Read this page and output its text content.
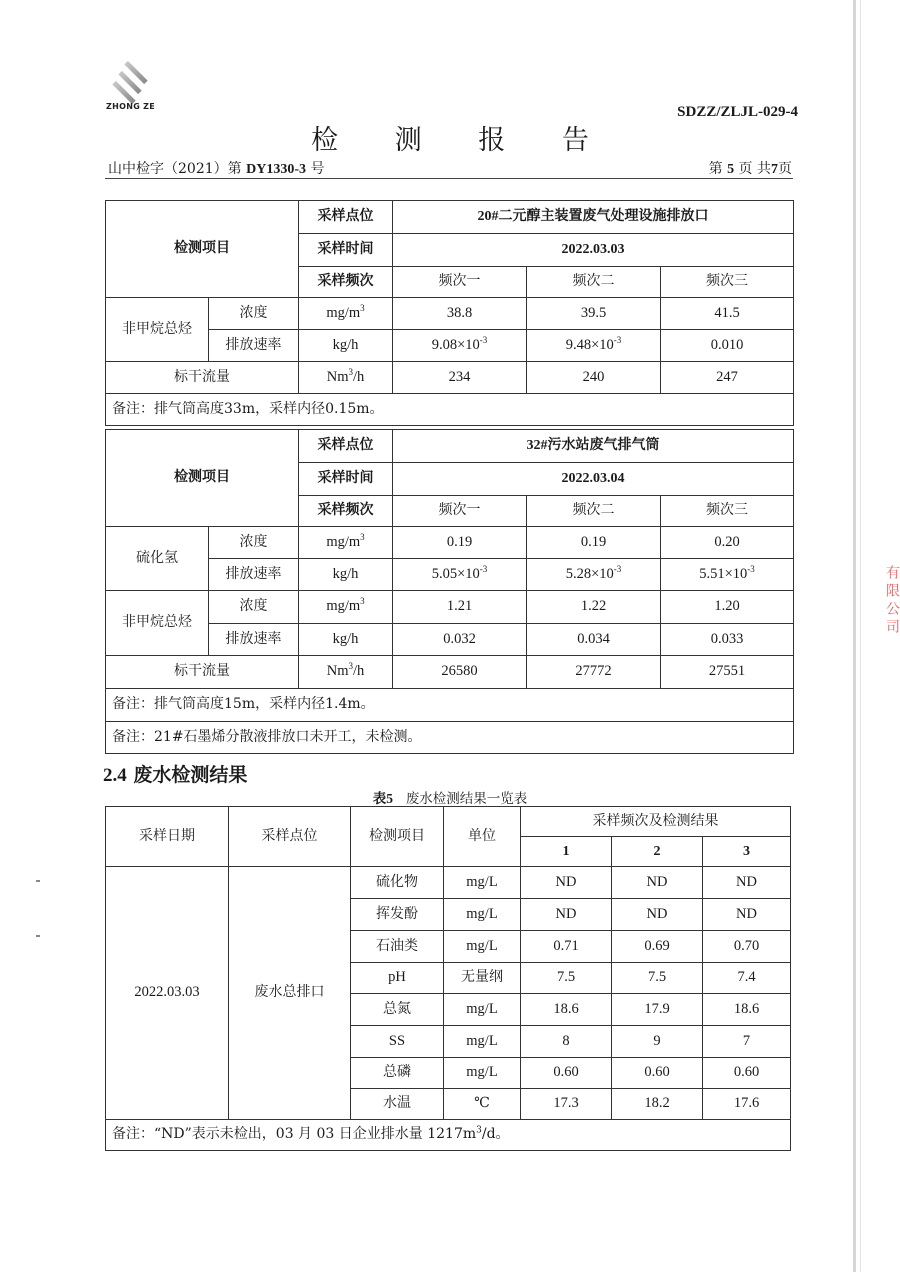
ZHONG ZE	SDZZ/ZLJL-029-4
检 测 报 告
山中检字（2021）第 DY1330-3 号	第 5 页 共7页
检测项目		采样点位	20#二元醇主装置废气处理设施排放口		
		采样时间	2022.03.03		
		采样频次	频次一	频次二	频次三
非甲烷总烃	浓度	$mg/m^3$	38.8	39.5	41.5
	排放速率	kg/h	$9.08\times 10^{-3}$	$9.48\times 10^{-3}$	0.010
标干流量		Nm$^3$/h	234	240	247
备注：排气筒高度33m，采样内径0.15m。					
检测项目		采样点位	32#污水站废气排气筒		
		采样时间	2022.03.04		
		采样频次	频次一	频次二	频次三
硫化氢	浓度	$mg/m^3$	0.19	0.19	0.20
	排放速率	kg/h	$5.05\times 10^{-3}$	$5.28\times 10^{-3}$	$5.51\times 10^{-3}$
非甲烷总烃	浓度	$mg/m^3$	1.21	1.22	1.20
	排放速率	kg/h	0.032	0.034	0.033
标干流量		Nm$^3$/h	26580	27772	27551
备注：排气筒高度15m，采样内径1.4m。					
备注：21#石墨烯分散液排放口未开工，未检测。					
2.4 废水检测结果
表5 废水检测结果一览表
采样日期	采样点位	检测项目	单位	采样频次及检测结果		
				1	2	3
2022.03.03	废水总排口	硫化物	mg/L	ND	ND	ND
		挥发酚	mg/L	ND	ND	ND
		石油类	mg/L	0.71	0.69	0.70
		pH	无量纲	7.5	7.5	7.4
		总氮	mg/L	18.6	17.9	18.6
		SS	mg/L	8	9	7
		总磷	mg/L	0.60	0.60	0.60
		水温	℃	17.3	18.2	17.6
备注：“ND”表示未检出，03 月 03 日企业排水量 $1217m^3/d$。						
有限公司
